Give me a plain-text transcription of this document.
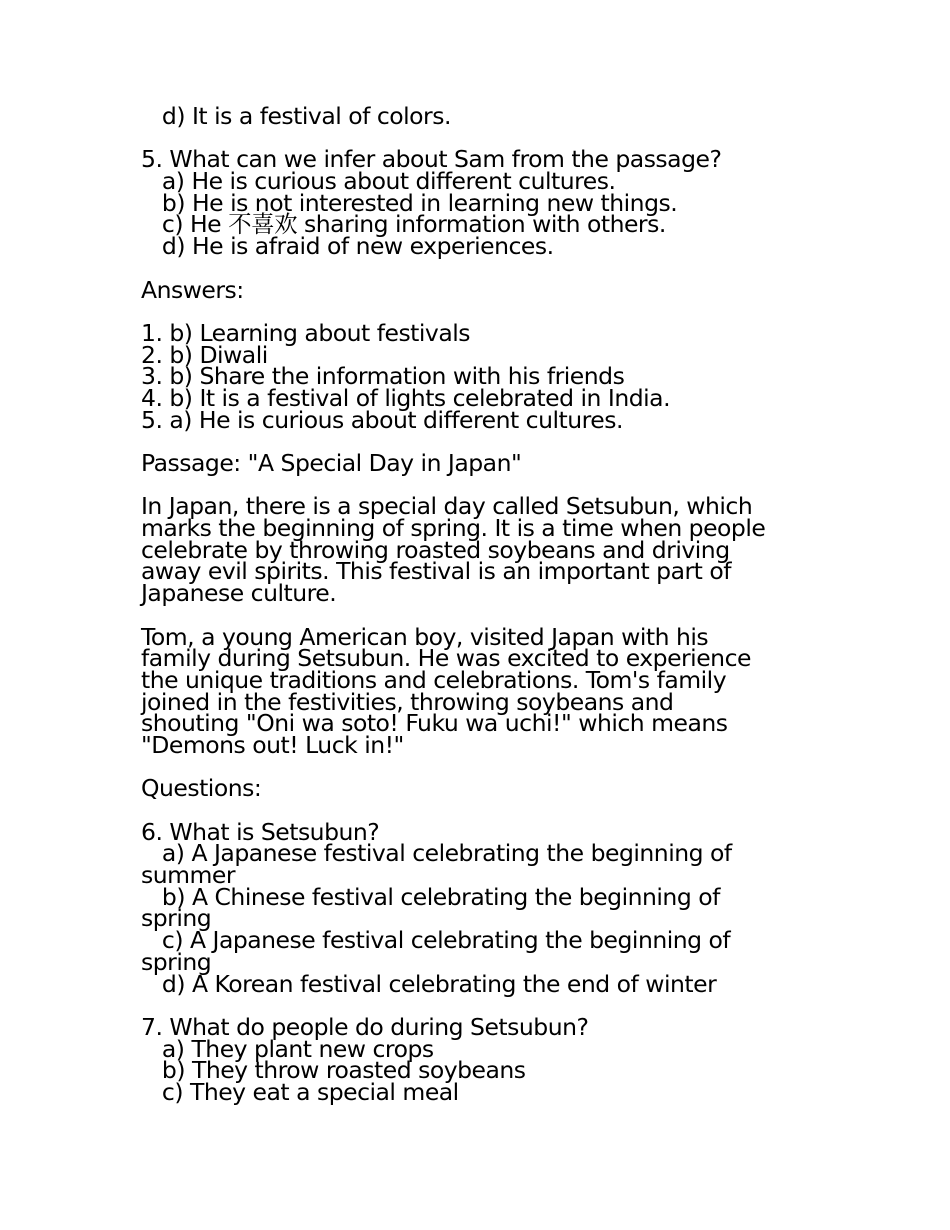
d) It is a festival of colors.
5. What can we infer about Sam from the passage?
a) He is curious about different cultures.
b) He is not interested in learning new things.
c) He 不喜欢 sharing information with others.
d) He is afraid of new experiences.
Answers:
1. b) Learning about festivals
2. b) Diwali
3. b) Share the information with his friends
4. b) It is a festival of lights celebrated in India.
5. a) He is curious about different cultures.
Passage: "A Special Day in Japan"
In Japan, there is a special day called Setsubun, which
marks the beginning of spring. It is a time when people
celebrate by throwing roasted soybeans and driving
away evil spirits. This festival is an important part of
Japanese culture.
Tom, a young American boy, visited Japan with his
family during Setsubun. He was excited to experience
the unique traditions and celebrations. Tom's family
joined in the festivities, throwing soybeans and
shouting "Oni wa soto! Fuku wa uchi!" which means
"Demons out! Luck in!"
Questions:
6. What is Setsubun?
a) A Japanese festival celebrating the beginning of
summer
b) A Chinese festival celebrating the beginning of
spring
c) A Japanese festival celebrating the beginning of
spring
d) A Korean festival celebrating the end of winter
7. What do people do during Setsubun?
a) They plant new crops
b) They throw roasted soybeans
c) They eat a special meal
